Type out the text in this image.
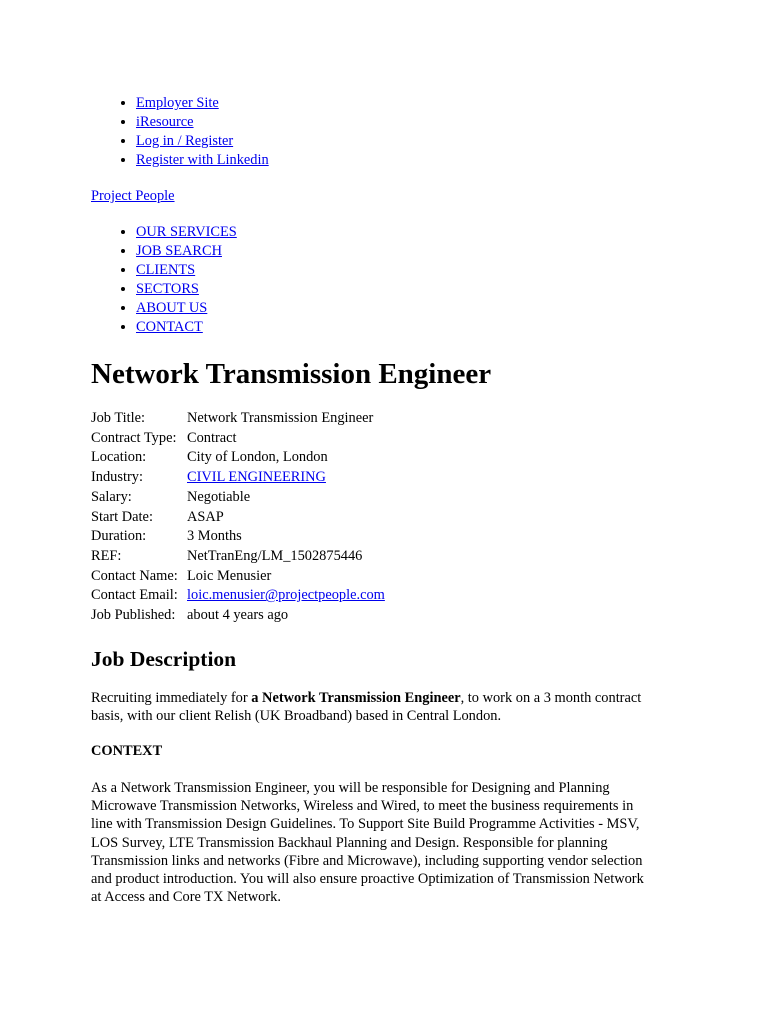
• Employer Site
• iResource
• Log in / Register
• Register with Linkedin
Project People
• OUR SERVICES
• JOB SEARCH
• CLIENTS
• SECTORS
• ABOUT US
• CONTACT
Network Transmission Engineer
Job Title:	Network Transmission Engineer
Contract Type:	Contract
Location:	City of London, London
Industry:	CIVIL ENGINEERING
Salary:	Negotiable
Start Date:	ASAP
Duration:	3 Months
REF:	NetTranEng/LM_1502875446
Contact Name:	Loic Menusier
Contact Email:	loic.menusier@projectpeople.com
Job Published:	about 4 years ago
Job Description

Recruiting immediately for a Network Transmission Engineer, to work on a 3 month contract
basis, with our client Relish (UK Broadband) based in Central London.

CONTEXT

As a Network Transmission Engineer, you will be responsible for Designing and Planning
Microwave Transmission Networks, Wireless and Wired, to meet the business requirements in
line with Transmission Design Guidelines. To Support Site Build Programme Activities - MSV,
LOS Survey, LTE Transmission Backhaul Planning and Design. Responsible for planning
Transmission links and networks (Fibre and Microwave), including supporting vendor selection
and product introduction. You will also ensure proactive Optimization of Transmission Network
at Access and Core TX Network.
